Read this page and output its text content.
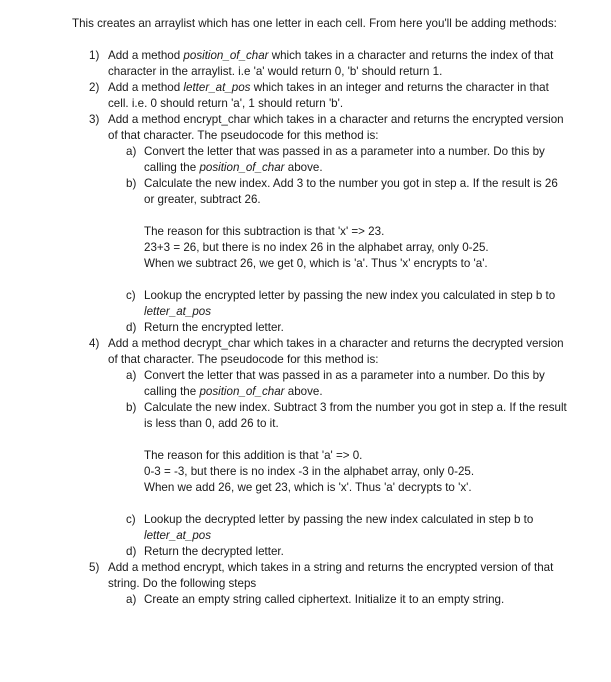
This creates an arraylist which has one letter in each cell. From here you'll be adding methods:

1) Add a method position_of_char which takes in a character and returns the index of that character in the arraylist. i.e 'a' would return 0, 'b' should return 1.

2) Add a method letter_at_pos which takes in an integer and returns the character in that cell. i.e. 0 should return 'a', 1 should return 'b'.

3) Add a method encrypt_char which takes in a character and returns the encrypted version of that character. The pseudocode for this method is:

a) Convert the letter that was passed in as a parameter into a number. Do this by calling the position_of_char above.

b) Calculate the new index. Add 3 to the number you got in step a. If the result is 26 or greater, subtract 26.

The reason for this subtraction is that 'x' => 23.

23+3 = 26, but there is no index 26 in the alphabet array, only 0-25.

When we subtract 26, we get 0, which is 'a'. Thus 'x' encrypts to 'a'.

c) Lookup the encrypted letter by passing the new index you calculated in step b to letter_at_pos

d) Return the encrypted letter.

4) Add a method decrypt_char which takes in a character and returns the decrypted version of that character. The pseudocode for this method is:

a) Convert the letter that was passed in as a parameter into a number. Do this by calling the position_of_char above.

b) Calculate the new index. Subtract 3 from the number you got in step a. If the result is less than 0, add 26 to it.

The reason for this addition is that 'a' => 0.

0-3 = -3, but there is no index -3 in the alphabet array, only 0-25.

When we add 26, we get 23, which is 'x'. Thus 'a' decrypts to 'x'.

c) Lookup the decrypted letter by passing the new index calculated in step b to letter_at_pos

d) Return the decrypted letter.

5) Add a method encrypt, which takes in a string and returns the encrypted version of that string. Do the following steps

a) Create an empty string called ciphertext. Initialize it to an empty string.
